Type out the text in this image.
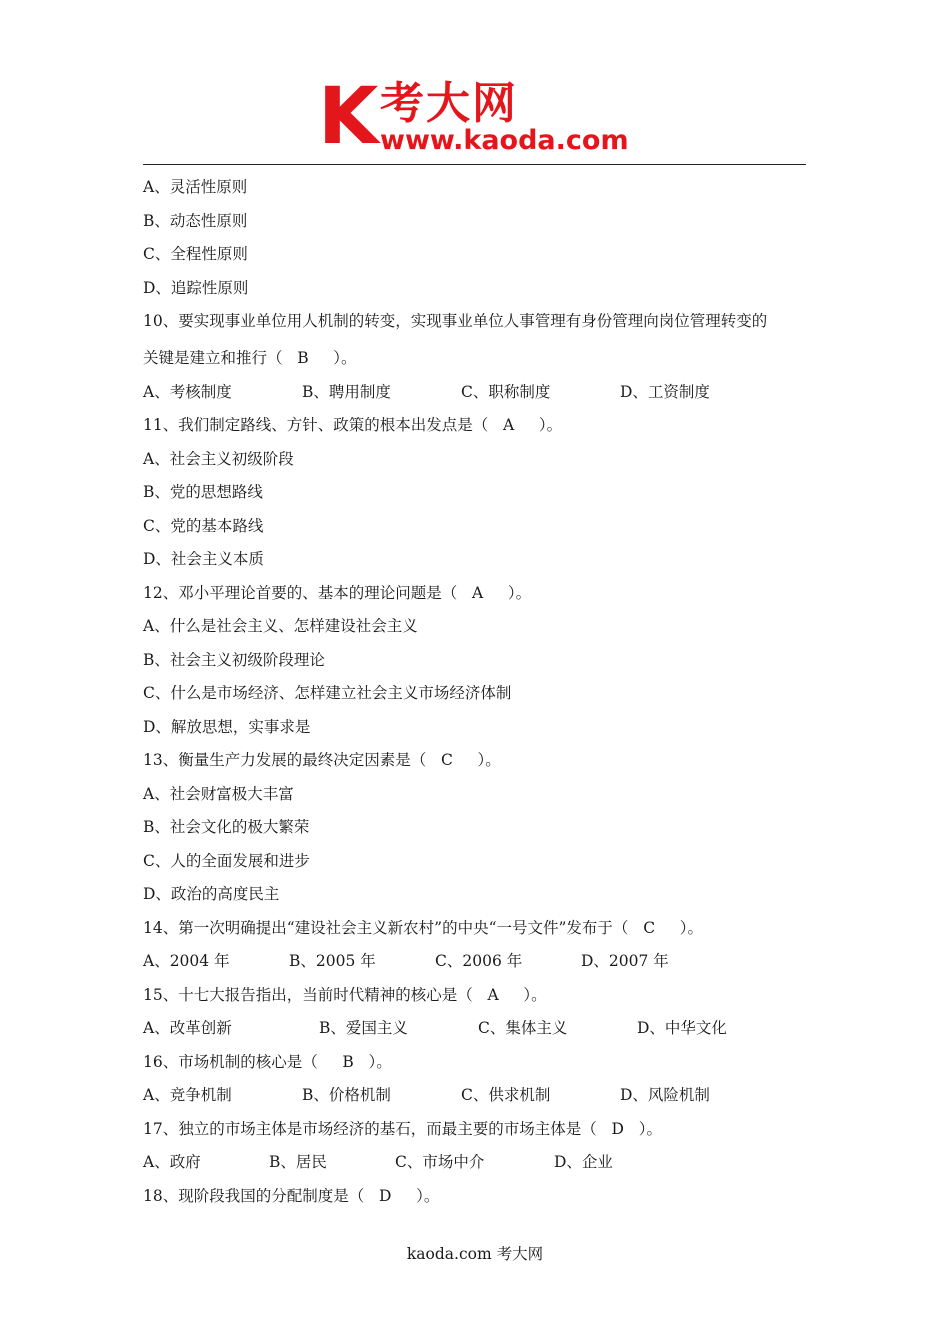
K 考大网
www.kaoda.com
A、灵活性原则
B、动态性原则
C、全程性原则
D、追踪性原则
10、要实现事业单位用人机制的转变，实现事业单位人事管理有身份管理向岗位管理转变的
关键是建立和推行（   B     ）。
A、考核制度	B、聘用制度	C、职称制度	D、工资制度
11、我们制定路线、方针、政策的根本出发点是（   A     ）。
A、社会主义初级阶段
B、党的思想路线
C、党的基本路线
D、社会主义本质
12、邓小平理论首要的、基本的理论问题是（   A     ）。
A、什么是社会主义、怎样建设社会主义
B、社会主义初级阶段理论
C、什么是市场经济、怎样建立社会主义市场经济体制
D、解放思想，实事求是
13、衡量生产力发展的最终决定因素是（   C     ）。
A、社会财富极大丰富
B、社会文化的极大繁荣
C、人的全面发展和进步
D、政治的高度民主
14、第一次明确提出“建设社会主义新农村”的中央“一号文件”发布于（   C     ）。
A、2004 年	B、2005 年	C、2006 年	D、2007 年
15、十七大报告指出，当前时代精神的核心是（   A     ）。
A、改革创新	B、爱国主义	C、集体主义	D、中华文化
16、市场机制的核心是（     B   ）。
A、竞争机制	B、价格机制	C、供求机制	D、风险机制
17、独立的市场主体是市场经济的基石，而最主要的市场主体是（   D   ）。
A、政府	B、居民	C、市场中介	D、企业
18、现阶段我国的分配制度是（   D     ）。
kaoda.com 考大网
